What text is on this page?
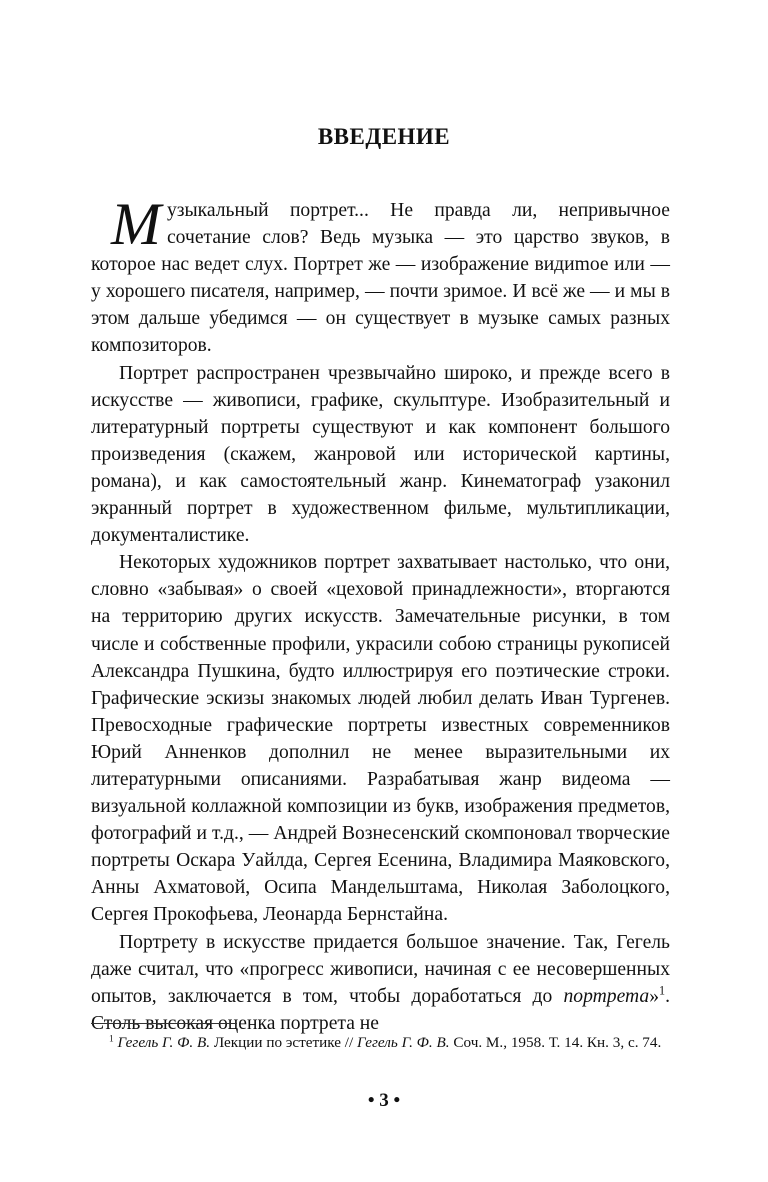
ВВЕДЕНИЕ

Музыкальный портрет... Не правда ли, непривычное сочетание слов? Ведь музыка — это царство звуков, в которое нас ведет слух. Портрет же — изображение видиmое или — у хорошего писателя, например, — почти зримое. И всё же — и мы в этом дальше убедимся — он существует в музыке самых разных композиторов.

Портрет распространен чрезвычайно широко, и прежде всего в искусстве — живописи, графике, скульптуре. Изобразительный и литературный портреты существуют и как компонент большого произведения (скажем, жанровой или исторической картины, романа), и как самостоятельный жанр. Кинематограф узаконил экранный портрет в художественном фильме, мультипликации, документалистике.

Некоторых художников портрет захватывает настолько, что они, словно «забывая» о своей «цеховой принадлежности», вторгаются на территорию других искусств. Замечательные рисунки, в том числе и собственные профили, украсили собою страницы рукописей Александра Пушкина, будто иллюстрируя его поэтические строки. Графические эскизы знакомых людей любил делать Иван Тургенев. Превосходные графические портреты известных современников Юрий Анненков дополнил не менее выразительными их литературными описаниями. Разрабатывая жанр видеома — визуальной коллажной композиции из букв, изображения предметов, фотографий и т.д., — Андрей Вознесенский скомпоновал творческие портреты Оскара Уайлда, Сергея Есенина, Владимира Маяковского, Анны Ахматовой, Осипа Мандельштама, Николая Заболоцкого, Сергея Прокофьева, Леонарда Бернстайна.

Портрету в искусстве придается большое значение. Так, Гегель даже считал, что «прогресс живописи, начиная с ее несовершенных опытов, заключается в том, чтобы доработаться до портрета»$^1$. Столь высокая оценка портрета не

$^1$ Гегель Г. Ф. В. Лекции по эстетике // Гегель Г. Ф. В. Соч. М., 1958. Т. 14. Кн. 3, с. 74.

• 3 •
